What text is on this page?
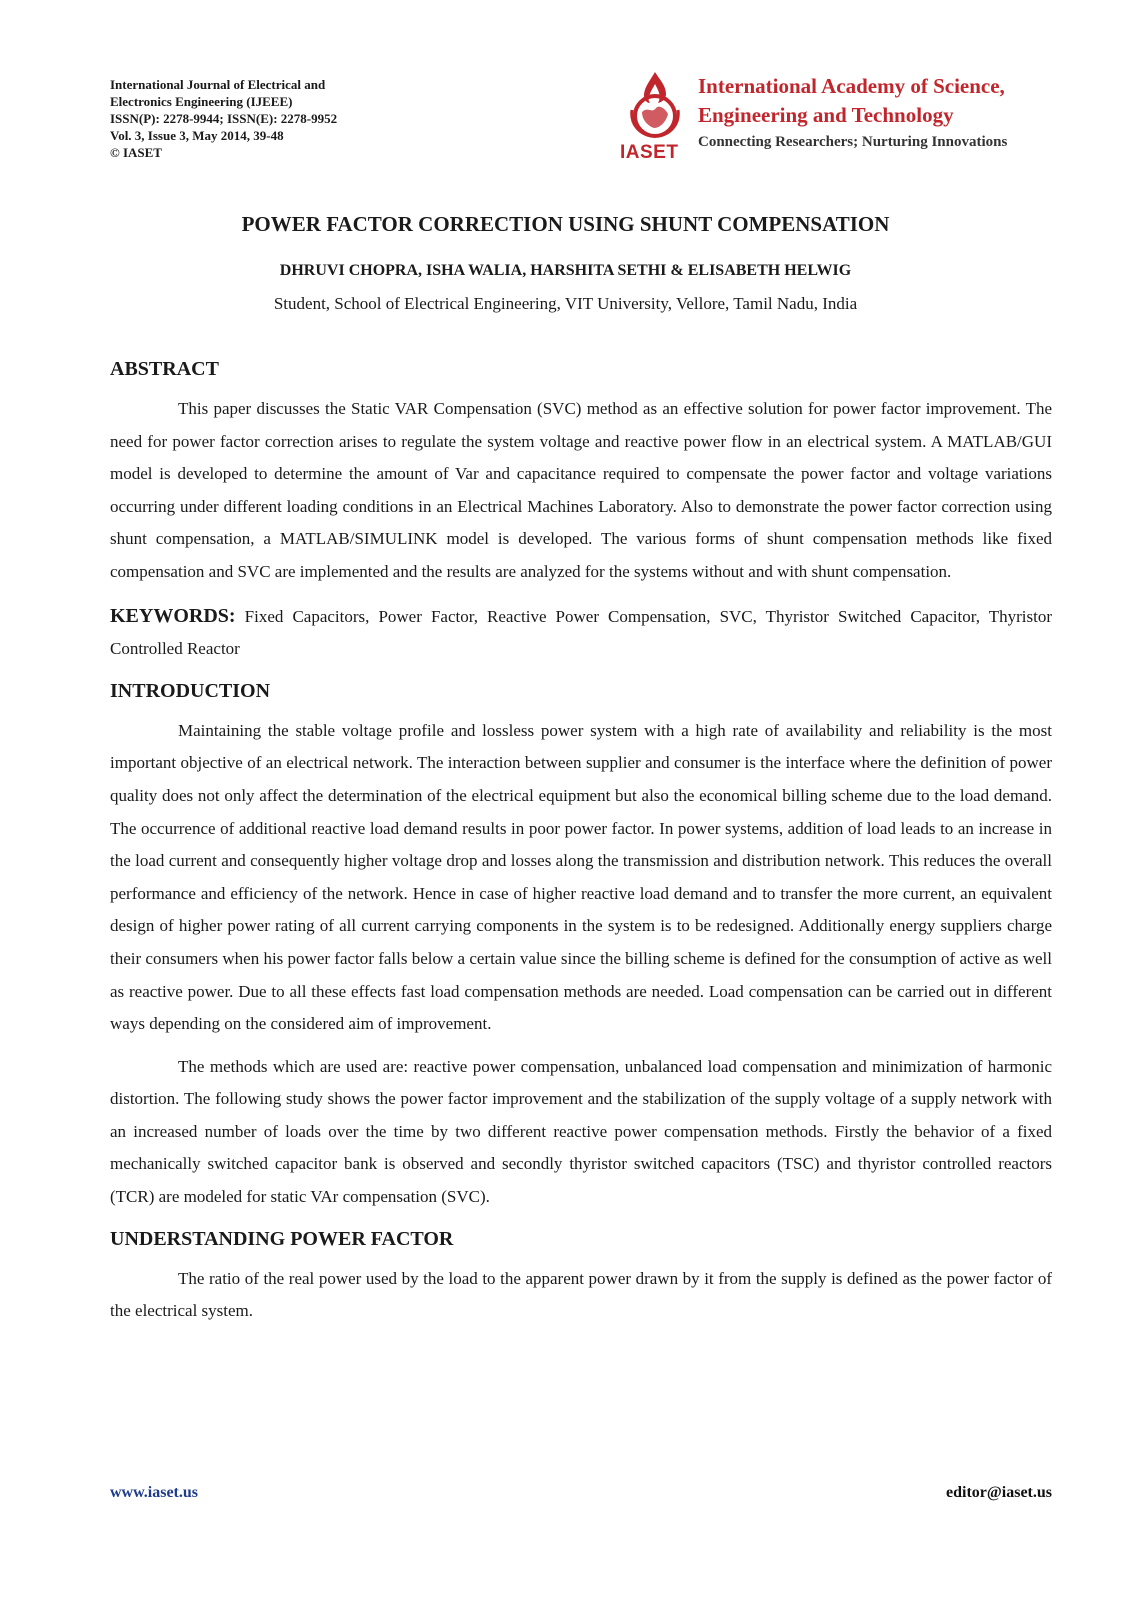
International Journal of Electrical and
Electronics Engineering (IJEEE)
ISSN(P): 2278-9944; ISSN(E): 2278-9952
Vol. 3, Issue 3, May 2014, 39-48
© IASET	IASET
International Academy of Science,
Engineering and Technology
Connecting Researchers; Nurturing Innovations
POWER FACTOR CORRECTION USING SHUNT COMPENSATION
DHRUVI CHOPRA, ISHA WALIA, HARSHITA SETHI & ELISABETH HELWIG
Student, School of Electrical Engineering, VIT University, Vellore, Tamil Nadu, India
ABSTRACT

This paper discusses the Static VAR Compensation (SVC) method as an effective solution for power factor improvement. The need for power factor correction arises to regulate the system voltage and reactive power flow in an electrical system. A MATLAB/GUI model is developed to determine the amount of Var and capacitance required to compensate the power factor and voltage variations occurring under different loading conditions in an Electrical Machines Laboratory. Also to demonstrate the power factor correction using shunt compensation, a MATLAB/SIMULINK model is developed. The various forms of shunt compensation methods like fixed compensation and SVC are implemented and the results are analyzed for the systems without and with shunt compensation.

KEYWORDS: Fixed Capacitors, Power Factor, Reactive Power Compensation, SVC, Thyristor Switched Capacitor, Thyristor Controlled Reactor

INTRODUCTION

Maintaining the stable voltage profile and lossless power system with a high rate of availability and reliability is the most important objective of an electrical network. The interaction between supplier and consumer is the interface where the definition of power quality does not only affect the determination of the electrical equipment but also the economical billing scheme due to the load demand. The occurrence of additional reactive load demand results in poor power factor. In power systems, addition of load leads to an increase in the load current and consequently higher voltage drop and losses along the transmission and distribution network. This reduces the overall performance and efficiency of the network. Hence in case of higher reactive load demand and to transfer the more current, an equivalent design of higher power rating of all current carrying components in the system is to be redesigned. Additionally energy suppliers charge their consumers when his power factor falls below a certain value since the billing scheme is defined for the consumption of active as well as reactive power. Due to all these effects fast load compensation methods are needed. Load compensation can be carried out in different ways depending on the considered aim of improvement.

The methods which are used are: reactive power compensation, unbalanced load compensation and minimization of harmonic distortion. The following study shows the power factor improvement and the stabilization of the supply voltage of a supply network with an increased number of loads over the time by two different reactive power compensation methods. Firstly the behavior of a fixed mechanically switched capacitor bank is observed and secondly thyristor switched capacitors (TSC) and thyristor controlled reactors (TCR) are modeled for static VAr compensation (SVC).

UNDERSTANDING POWER FACTOR

The ratio of the real power used by the load to the apparent power drawn by it from the supply is defined as the power factor of the electrical system.

www.iaset.us	editor@iaset.us
